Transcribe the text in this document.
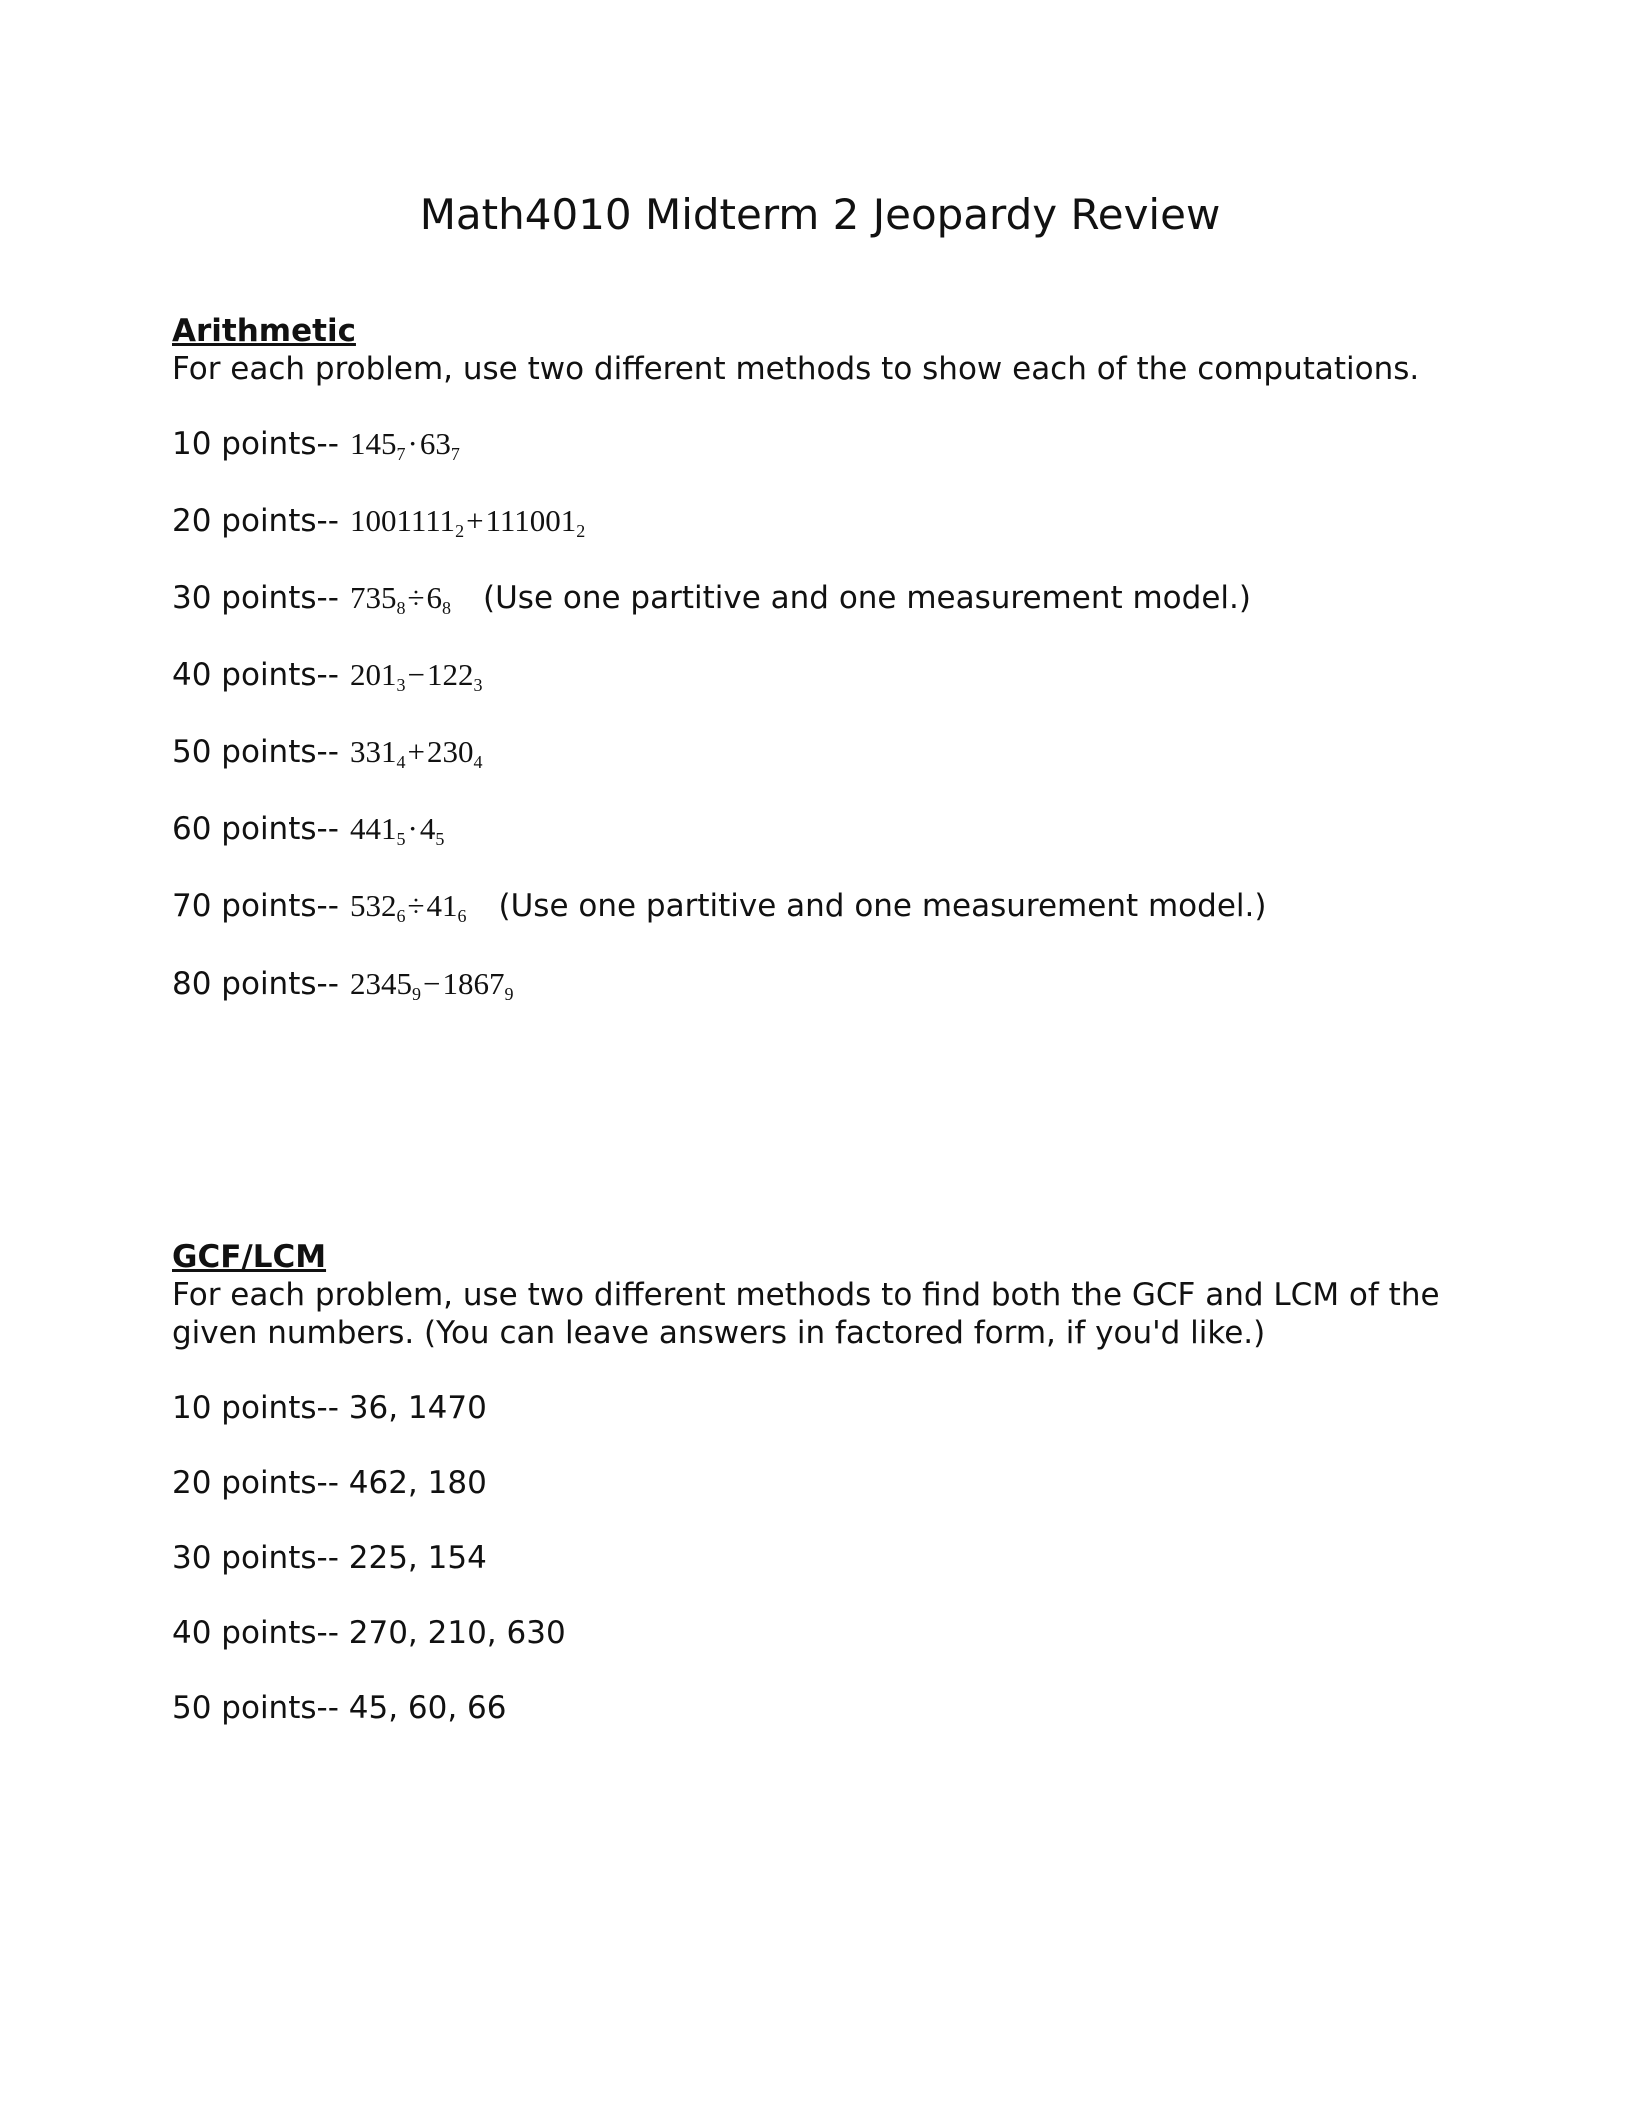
Math4010 Midterm 2 Jeopardy Review

Arithmetic

For each problem, use two different methods to show each of the computations.

10 points-- $145_7\cdot 63_7$
20 points-- $1001111_2+111001_2$
30 points-- $735_8\div 6_8$ (Use one partitive and one measurement model.)
40 points-- $201_3-122_3$
50 points-- $331_4+230_4$
60 points-- $441_5\cdot 4_5$
70 points-- $532_6\div 41_6$ (Use one partitive and one measurement model.)
80 points-- $2345_9-1867_9$

GCF/LCM

For each problem, use two different methods to find both the GCF and LCM of the

given numbers. (You can leave answers in factored form, if you'd like.)

10 points-- 36, 1470
20 points-- 462, 180
30 points-- 225, 154
40 points-- 270, 210, 630
50 points-- 45, 60, 66
